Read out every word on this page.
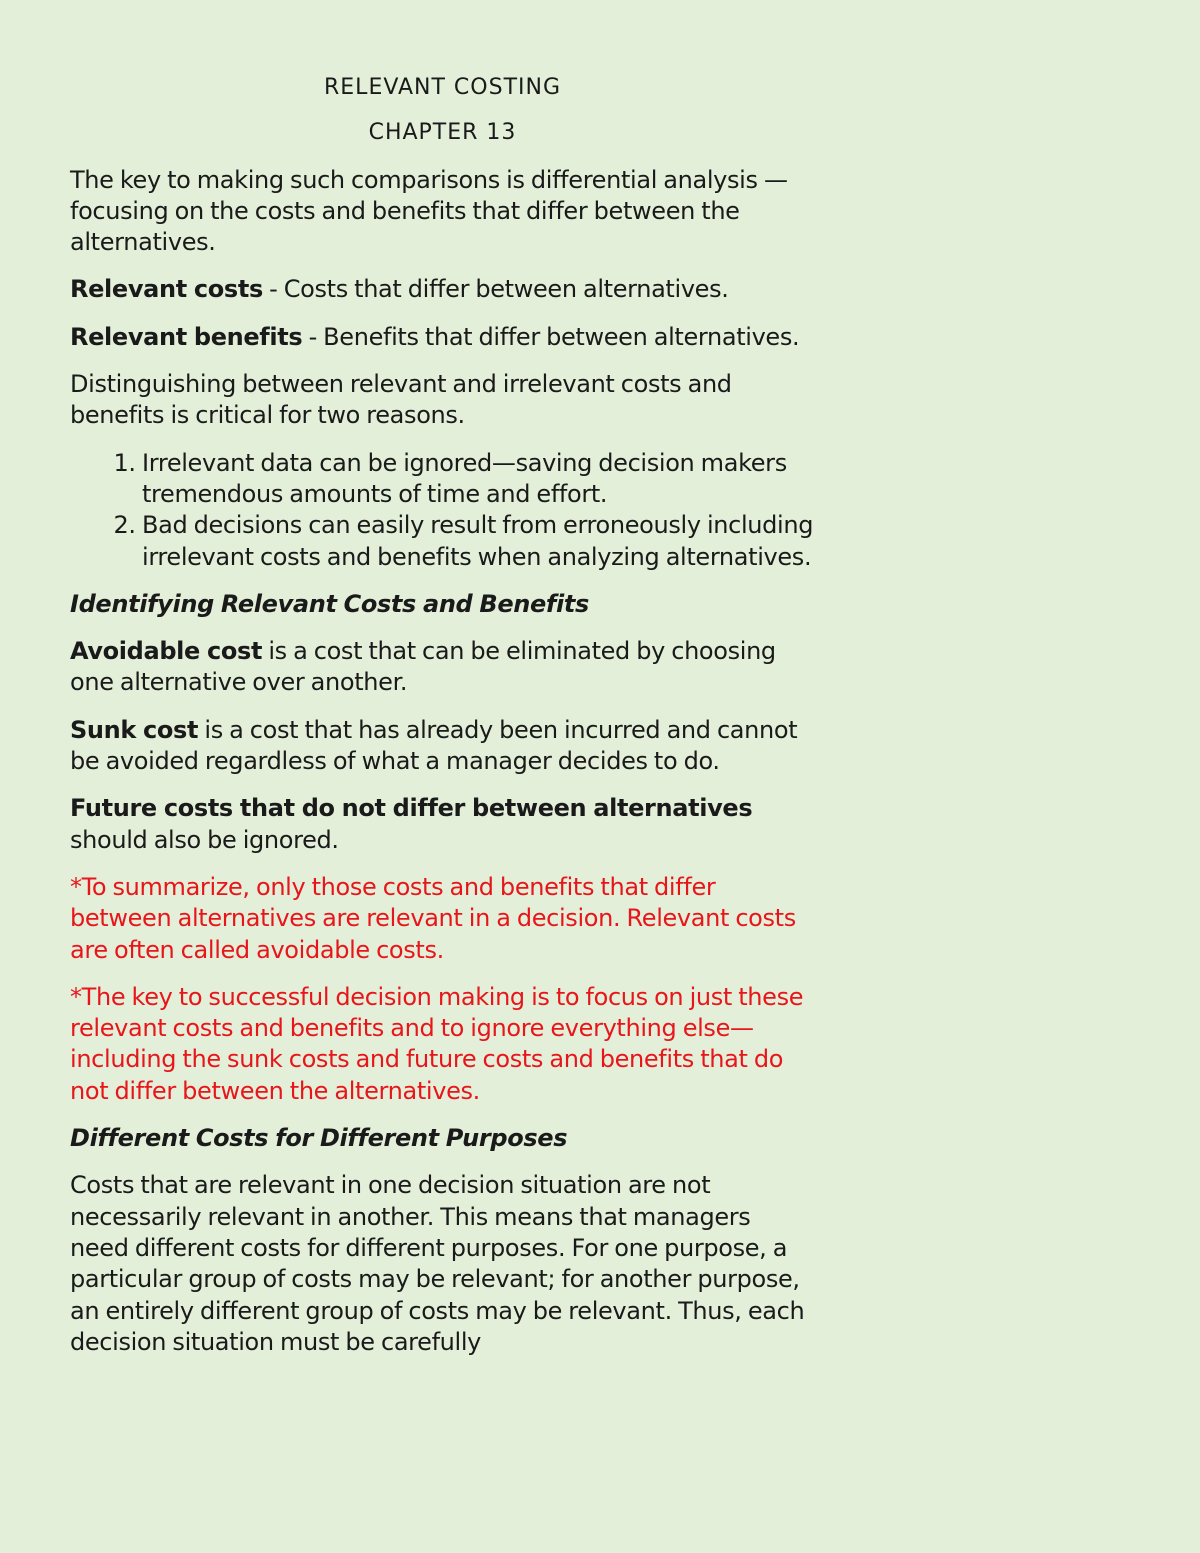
RELEVANT COSTING
CHAPTER 13

The key to making such comparisons is differential analysis — focusing on the costs and benefits that differ between the alternatives.

Relevant costs - Costs that differ between alternatives.

Relevant benefits - Benefits that differ between alternatives.

Distinguishing between relevant and irrelevant costs and benefits is critical for two reasons.

1. Irrelevant data can be ignored—saving decision makers tremendous amounts of time and effort.
2. Bad decisions can easily result from erroneously including irrelevant costs and benefits when analyzing alternatives.
Identifying Relevant Costs and Benefits

Avoidable cost is a cost that can be eliminated by choosing one alternative over another.

Sunk cost is a cost that has already been incurred and cannot be avoided regardless of what a manager decides to do.

Future costs that do not differ between alternatives should also be ignored.

*To summarize, only those costs and benefits that differ between alternatives are relevant in a decision. Relevant costs are often called avoidable costs.

*The key to successful decision making is to focus on just these relevant costs and benefits and to ignore everything else—including the sunk costs and future costs and benefits that do not differ between the alternatives.

Different Costs for Different Purposes

Costs that are relevant in one decision situation are not necessarily relevant in another. This means that managers need different costs for different purposes. For one purpose, a particular group of costs may be relevant; for another purpose, an entirely different group of costs may be relevant. Thus, each decision situation must be carefully
